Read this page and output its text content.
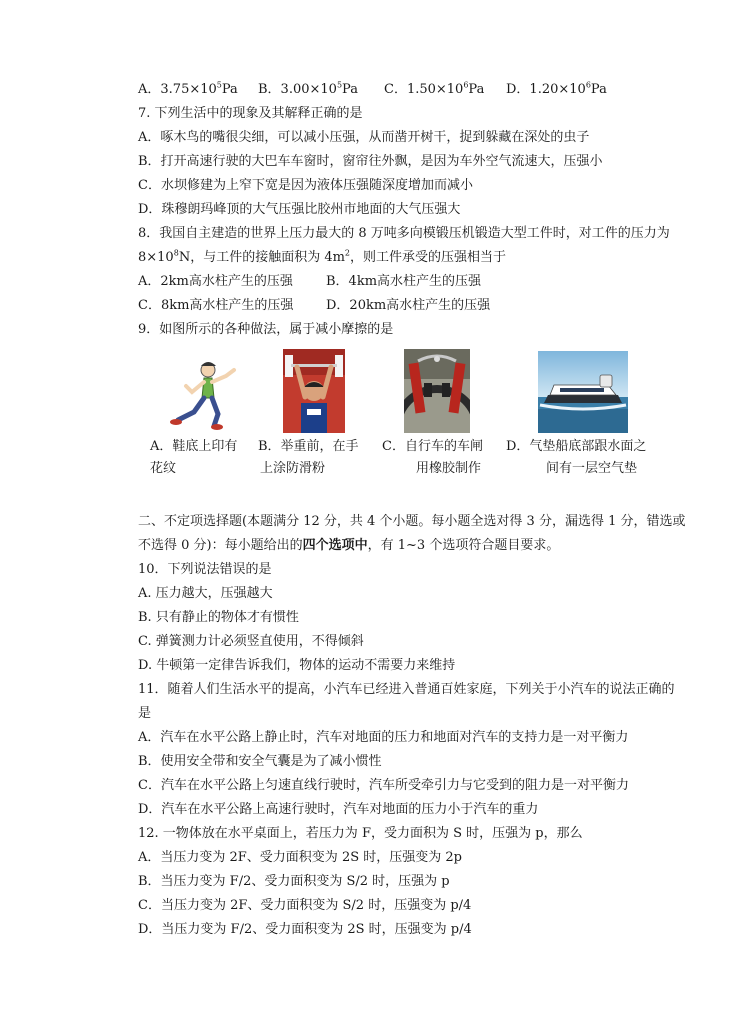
A．$3.75\times 10^5Pa$ B．$3.00\times 10^5Pa$ C．$1.50\times 10^6Pa$ D．$1.20\times 10^6Pa$
7. 下列生活中的现象及其解释正确的是
A．啄木鸟的嘴很尖细，可以减小压强，从而凿开树干，捉到躲藏在深处的虫子
B．打开高速行驶的大巴车车窗时，窗帘往外飘，是因为车外空气流速大，压强小
C．水坝修建为上窄下宽是因为液体压强随深度增加而减小
D．珠穆朗玛峰顶的大气压强比胶州市地面的大气压强大
8．我国自主建造的世界上压力最大的 8 万吨多向模锻压机锻造大型工件时，对工件的压力为
$8\times 10^8N$，与工件的接触面积为 $4m^2$，则工件承受的压强相当于
A．2km高水柱产生的压强	B．4km高水柱产生的压强
C．8km高水柱产生的压强	D．20km高水柱产生的压强
9．如图所示的各种做法，属于减小摩擦的是
A．鞋底上印有
花纹
B．举重前，在手
上涂防滑粉
C．自行车的车闸
用橡胶制作
D．气垫船底部跟水面之
间有一层空气垫
二、不定项选择题(本题满分 12 分，共 4 个小题。每小题全选对得 3 分，漏选得 1 分，错选或
不选得 0 分)：每小题给出的四个选项中，有 1~3 个选项符合题目要求。
10．下列说法错误的是
A. 压力越大，压强越大
B. 只有静止的物体才有惯性
C. 弹簧测力计必须竖直使用，不得倾斜
D. 牛顿第一定律告诉我们，物体的运动不需要力来维持
11．随着人们生活水平的提高，小汽车已经进入普通百姓家庭，下列关于小汽车的说法正确的
是
A．汽车在水平公路上静止时，汽车对地面的压力和地面对汽车的支持力是一对平衡力
B．使用安全带和安全气囊是为了减小惯性
C．汽车在水平公路上匀速直线行驶时，汽车所受牵引力与它受到的阻力是一对平衡力
D．汽车在水平公路上高速行驶时，汽车对地面的压力小于汽车的重力
12. 一物体放在水平桌面上，若压力为 F，受力面积为 S 时，压强为 p，那么
A．当压力变为 2F、受力面积变为 2S 时，压强变为 2p
B．当压力变为 F/2、受力面积变为 S/2 时，压强为 p
C．当压力变为 2F、受力面积变为 S/2 时，压强变为 p/4
D．当压力变为 F/2、受力面积变为 2S 时，压强变为 p/4
